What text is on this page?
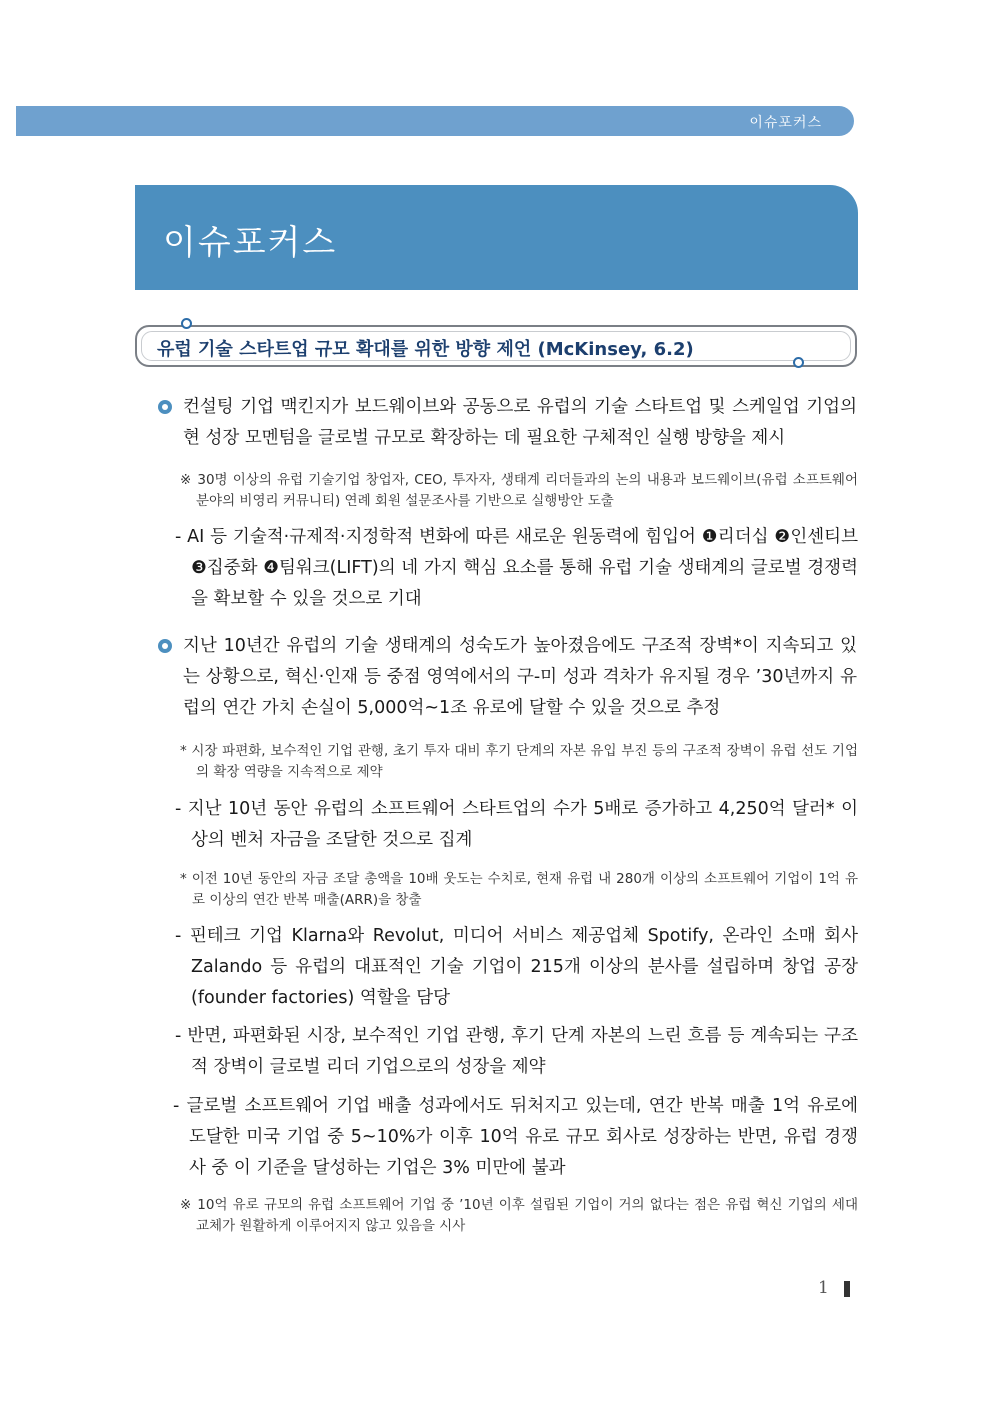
이슈포커스
이슈포커스
유럽 기술 스타트업 규모 확대를 위한 방향 제언 (McKinsey, 6.2)
컨설팅 기업 맥킨지가 보드웨이브와 공동으로 유럽의 기술 스타트업 및 스케일업 기업의 현 성장 모멘텀을 글로벌 규모로 확장하는 데 필요한 구체적인 실행 방향을 제시
※ 30명 이상의 유럽 기술기업 창업자, CEO, 투자자, 생태계 리더들과의 논의 내용과 보드웨이브(유럽 소프트웨어 분야의 비영리 커뮤니티) 연례 회원 설문조사를 기반으로 실행방안 도출
- AI 등 기술적·규제적·지정학적 변화에 따른 새로운 원동력에 힘입어 ❶리더십 ❷인센티브 ❸집중화 ❹팀워크(LIFT)의 네 가지 핵심 요소를 통해 유럽 기술 생태계의 글로벌 경쟁력을 확보할 수 있을 것으로 기대
지난 10년간 유럽의 기술 생태계의 성숙도가 높아졌음에도 구조적 장벽*이 지속되고 있는 상황으로, 혁신·인재 등 중점 영역에서의 구-미 성과 격차가 유지될 경우 ’30년까지 유럽의 연간 가치 손실이 5,000억~1조 유로에 달할 수 있을 것으로 추정
* 시장 파편화, 보수적인 기업 관행, 초기 투자 대비 후기 단계의 자본 유입 부진 등의 구조적 장벽이 유럽 선도 기업의 확장 역량을 지속적으로 제약
- 지난 10년 동안 유럽의 소프트웨어 스타트업의 수가 5배로 증가하고 4,250억 달러* 이상의 벤처 자금을 조달한 것으로 집계
* 이전 10년 동안의 자금 조달 총액을 10배 웃도는 수치로, 현재 유럽 내 280개 이상의 소프트웨어 기업이 1억 유로 이상의 연간 반복 매출(ARR)을 창출
- 핀테크 기업 Klarna와 Revolut, 미디어 서비스 제공업체 Spotify, 온라인 소매 회사 Zalando 등 유럽의 대표적인 기술 기업이 215개 이상의 분사를 설립하며 창업 공장(founder factories) 역할을 담당
- 반면, 파편화된 시장, 보수적인 기업 관행, 후기 단계 자본의 느린 흐름 등 계속되는 구조적 장벽이 글로벌 리더 기업으로의 성장을 제약
- 글로벌 소프트웨어 기업 배출 성과에서도 뒤처지고 있는데, 연간 반복 매출 1억 유로에 도달한 미국 기업 중 5~10%가 이후 10억 유로 규모 회사로 성장하는 반면, 유럽 경쟁사 중 이 기준을 달성하는 기업은 3% 미만에 불과
※ 10억 유로 규모의 유럽 소프트웨어 기업 중 ’10년 이후 설립된 기업이 거의 없다는 점은 유럽 혁신 기업의 세대 교체가 원활하게 이루어지지 않고 있음을 시사
1
